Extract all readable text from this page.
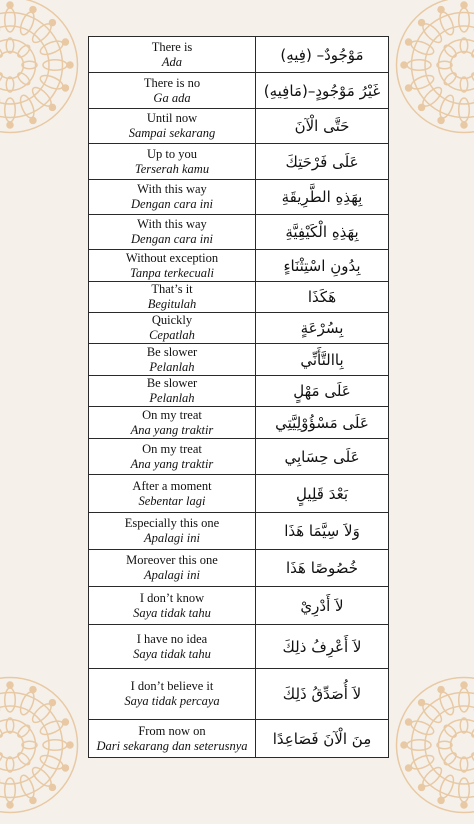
There is
Ada	مَوْجُودٌ– (فِيهِ)

There is no
Ga ada	غَيْرُ مَوْجُودٍ–(مَافِيهِ)

Until now
Sampai sekarang	حَتَّى الْآنَ

Up to you
Terserah kamu	عَلَى فَرْحَتِكَ

With this way
Dengan cara ini	بِهَذِهِ الطَّرِيقَةِ

With this way
Dengan cara ini	بِهَذِهِ الْكَيْفِيَّةِ

Without exception
Tanpa terkecuali	بِدُونِ اسْتِثْنَاءٍ

That’s it
Begitulah	هَكَذَا

Quickly
Cepatlah	بِسُرْعَةٍ

Be slower
Pelanlah	بِاالتَّأَنِّي

Be slower
Pelanlah	عَلَى مَهْلٍ

On my treat
Ana yang traktir	عَلَى مَسْؤُوْلِيَّتِي

On my treat
Ana yang traktir	عَلَى حِسَابِي

After a moment
Sebentar lagi	بَعْدَ قَلِيلٍ

Especially this one
Apalagi ini	وَلاَ سِيَّمَا هَذَا

Moreover this one
Apalagi ini	خُصُوصًا هَذَا

I don’t know
Saya tidak tahu	لاَ أَدْرِيْ

I have no idea
Saya tidak tahu	لاَ أَعْرِفُ ذلِكَ

I don’t believe it
Saya tidak percaya	لاَ أُصَدِّقُ ذَلِكَ

From now on
Dari sekarang dan seterusnya	مِنَ الْآنَ فَصَاعِدًا
